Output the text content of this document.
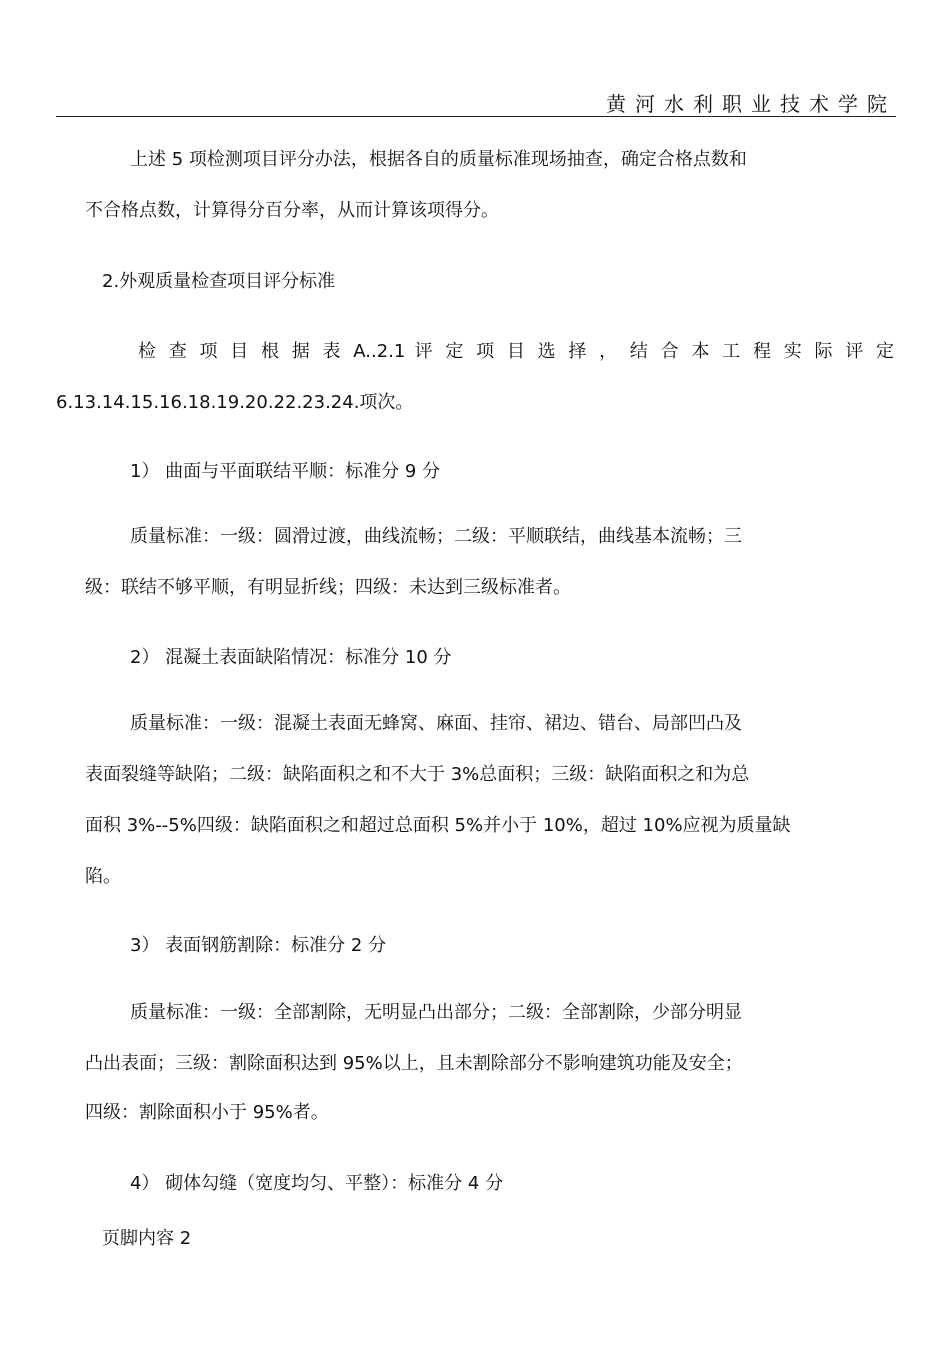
黄河水利职业技术学院
上述 5 项检测项目评分办法，根据各自的质量标准现场抽查，确定合格点数和
不合格点数，计算得分百分率，从而计算该项得分。
2.外观质量检查项目评分标准
检 查 项 目 根 据 表 A..2.1 评 定 项 目 选 择 ， 结 合 本 工 程 实 际 评 定
6.13.14.15.16.18.19.20.22.23.24.项次。
1） 曲面与平面联结平顺：标准分 9 分
质量标准：一级：圆滑过渡，曲线流畅；二级：平顺联结，曲线基本流畅；三
级：联结不够平顺，有明显折线；四级：未达到三级标准者。
2） 混凝土表面缺陷情况：标准分 10 分
质量标准：一级：混凝土表面无蜂窝、麻面、挂帘、裙边、错台、局部凹凸及
表面裂缝等缺陷；二级：缺陷面积之和不大于 3%总面积；三级：缺陷面积之和为总
面积 3%--5%四级：缺陷面积之和超过总面积 5%并小于 10%，超过 10%应视为质量缺
陷。
3） 表面钢筋割除：标准分 2 分
质量标准：一级：全部割除，无明显凸出部分；二级：全部割除，少部分明显
凸出表面；三级：割除面积达到 95%以上，且未割除部分不影响建筑功能及安全；
四级：割除面积小于 95%者。
4） 砌体勾缝（宽度均匀、平整）：标准分 4 分
页脚内容 2
